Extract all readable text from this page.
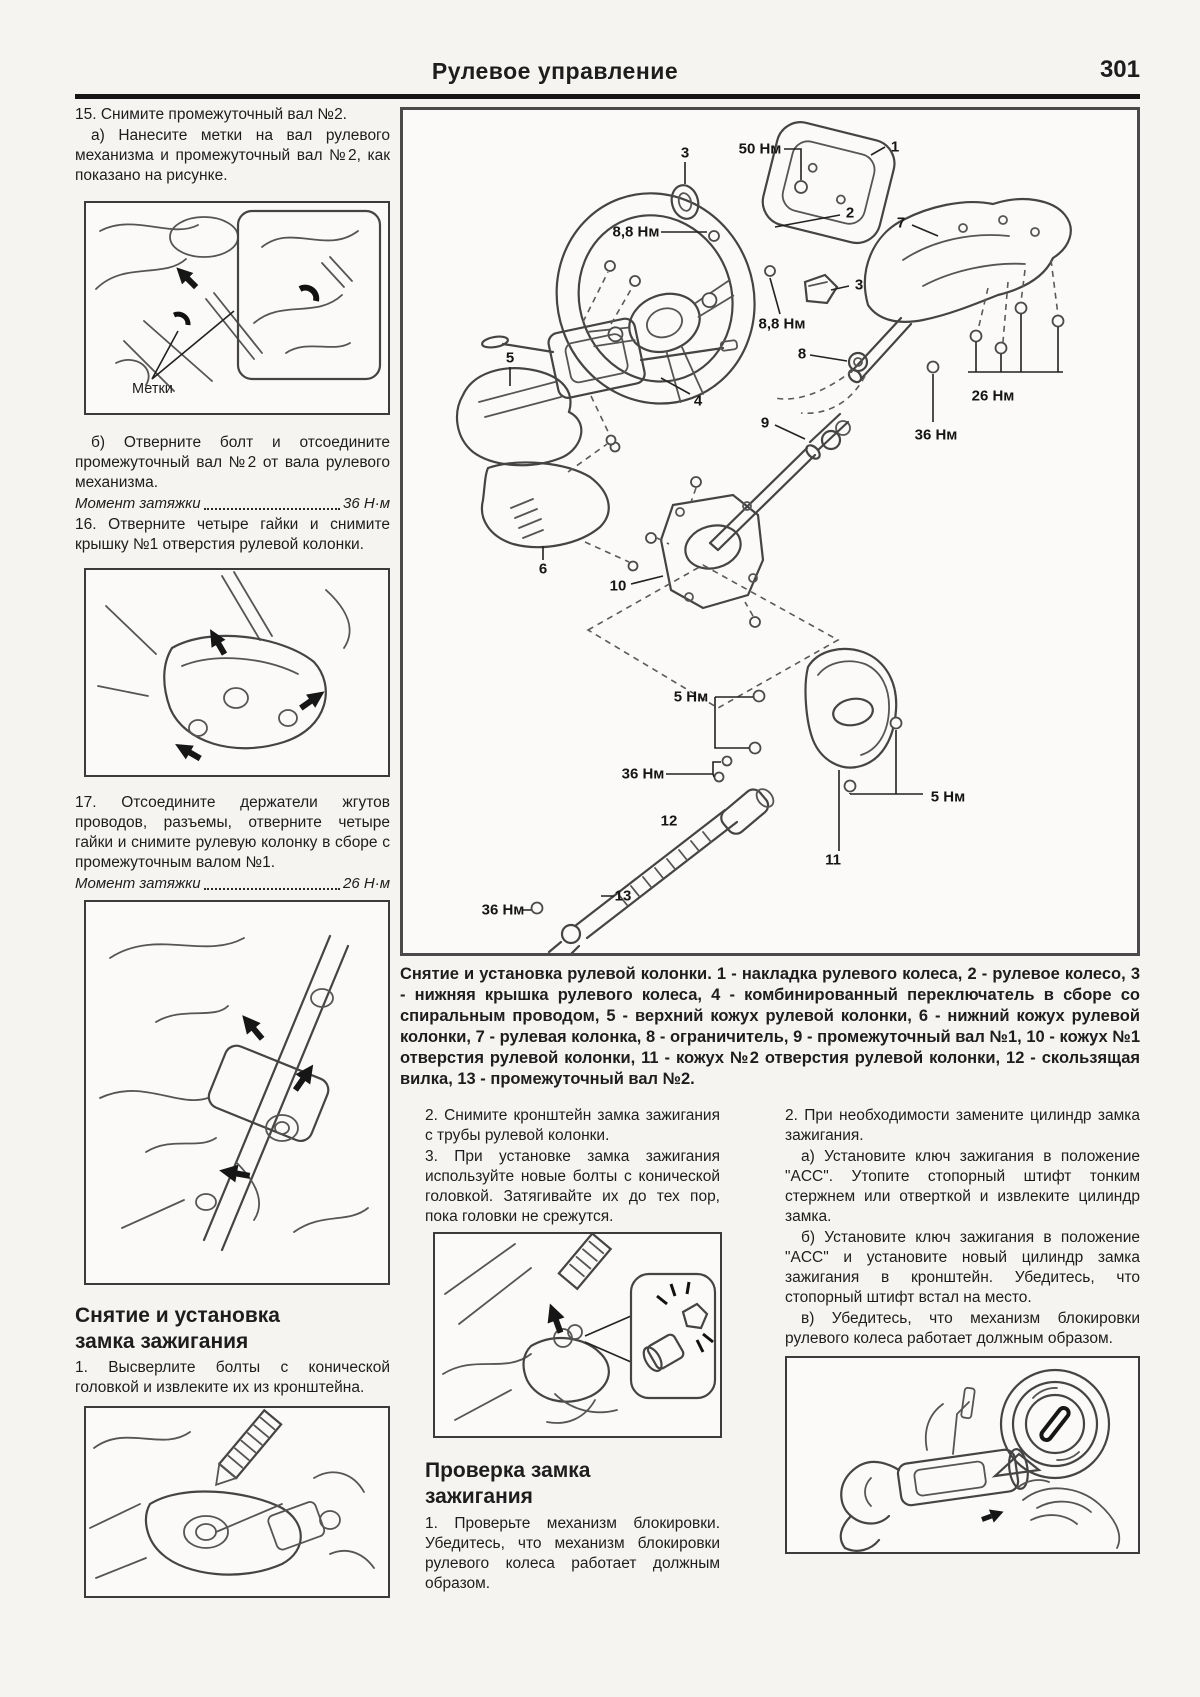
Рулевое управление	301

15. Снимите промежуточный вал №2.

а) Нанесите метки на вал рулевого механизма и промежуточный вал №2, как показано на рисунке.

Метки

б) Отверните болт и отсоедините промежуточный вал №2 от вала рулевого механизма.

Момент затяжки	36 Н·м

16. Отверните четыре гайки и снимите крышку №1 отверстия рулевой колонки.

17. Отсоедините держатели жгутов проводов, разъемы, отверните четыре гайки и снимите рулевую колонку в сборе с промежуточным валом №1.

Момент затяжки	26 Н·м
Снятие и установка
замка зажигания

1. Высверлите болты с конической головкой и извлеките их из кронштейна.

3	50 Нм	1
2
7
8,8 Нм
3
8,8 Нм
8
26 Нм
36 Нм
9
5
4
6
10
5 Нм
36 Нм
12
11
5 Нм
13
36 Нм
Снятие и установка рулевой колонки. 1 - накладка рулевого колеса, 2 - рулевое колесо, 3 - нижняя крышка рулевого колеса, 4 - комбинированный переключатель в сборе со спиральным проводом, 5 - верхний кожух рулевой колонки, 6 - нижний кожух рулевой колонки, 7 - рулевая колонка, 8 - ограничитель, 9 - промежуточный вал №1, 10 - кожух №1 отверстия рулевой колонки, 11 - кожух №2 отверстия рулевой колонки, 12 - скользящая вилка, 13 - промежуточный вал №2.

2. Снимите кронштейн замка зажигания с трубы рулевой колонки.

3. При установке замка зажигания используйте новые болты с конической головкой. Затягивайте их до тех пор, пока головки не срежутся.

Проверка замка
зажигания

1. Проверьте механизм блокировки. Убедитесь, что механизм блокировки рулевого колеса работает должным образом.

2. При необходимости замените цилиндр замка зажигания.

а) Установите ключ зажигания в положение "ACC". Утопите стопорный штифт тонким стержнем или отверткой и извлеките цилиндр замка.

б) Установите ключ зажигания в положение "ACC" и установите новый цилиндр замка зажигания в кронштейн. Убедитесь, что стопорный штифт встал на место.

в) Убедитесь, что механизм блокировки рулевого колеса работает должным образом.
